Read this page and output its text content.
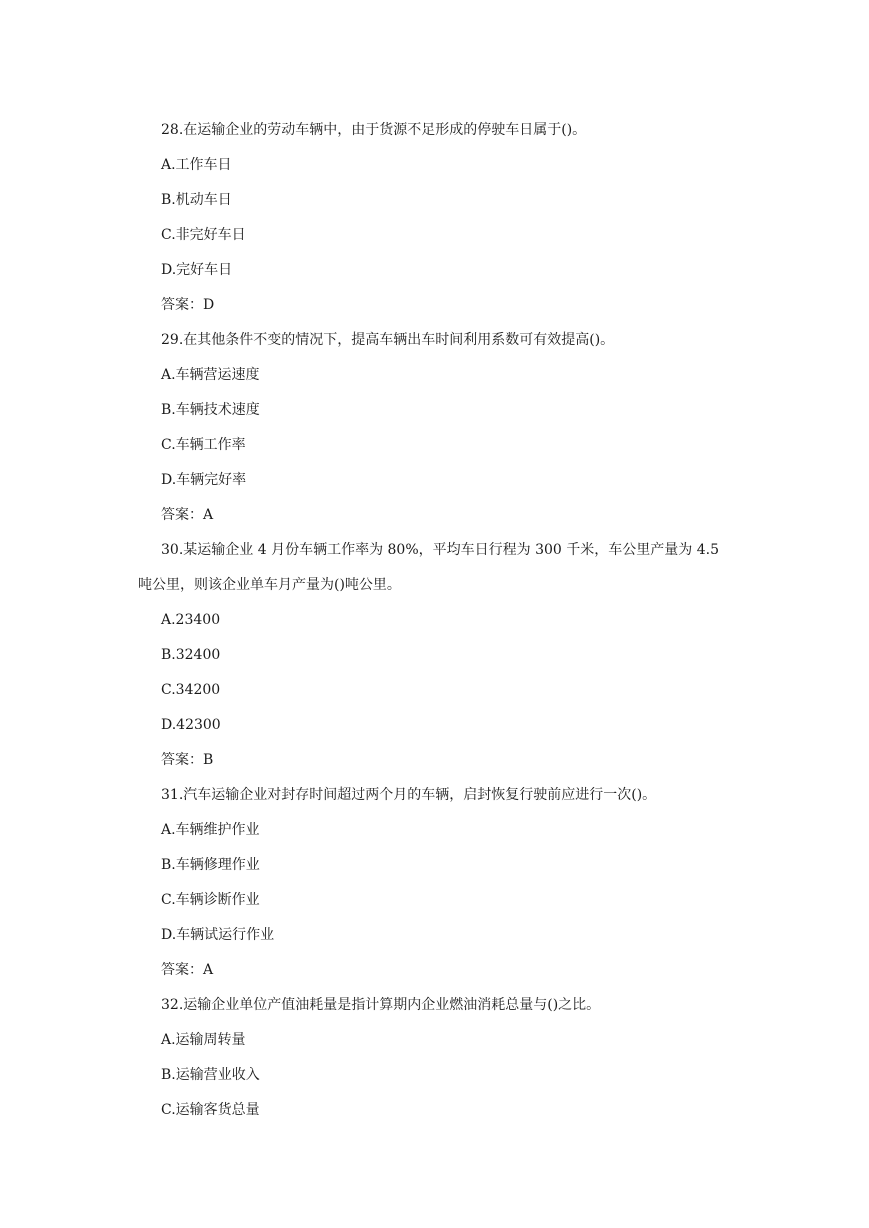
28.在运输企业的劳动车辆中，由于货源不足形成的停驶车日属于()。

A.工作车日

B.机动车日

C.非完好车日

D.完好车日

答案：D

29.在其他条件不变的情况下，提高车辆出车时间利用系数可有效提高()。

A.车辆营运速度

B.车辆技术速度

C.车辆工作率

D.车辆完好率

答案：A

30.某运输企业 4 月份车辆工作率为 80%，平均车日行程为 300 千米，车公里产量为 4.5

吨公里，则该企业单车月产量为()吨公里。

A.23400

B.32400

C.34200

D.42300

答案：B

31.汽车运输企业对封存时间超过两个月的车辆，启封恢复行驶前应进行一次()。

A.车辆维护作业

B.车辆修理作业

C.车辆诊断作业

D.车辆试运行作业

答案：A

32.运输企业单位产值油耗量是指计算期内企业燃油消耗总量与()之比。

A.运输周转量

B.运输营业收入

C.运输客货总量
